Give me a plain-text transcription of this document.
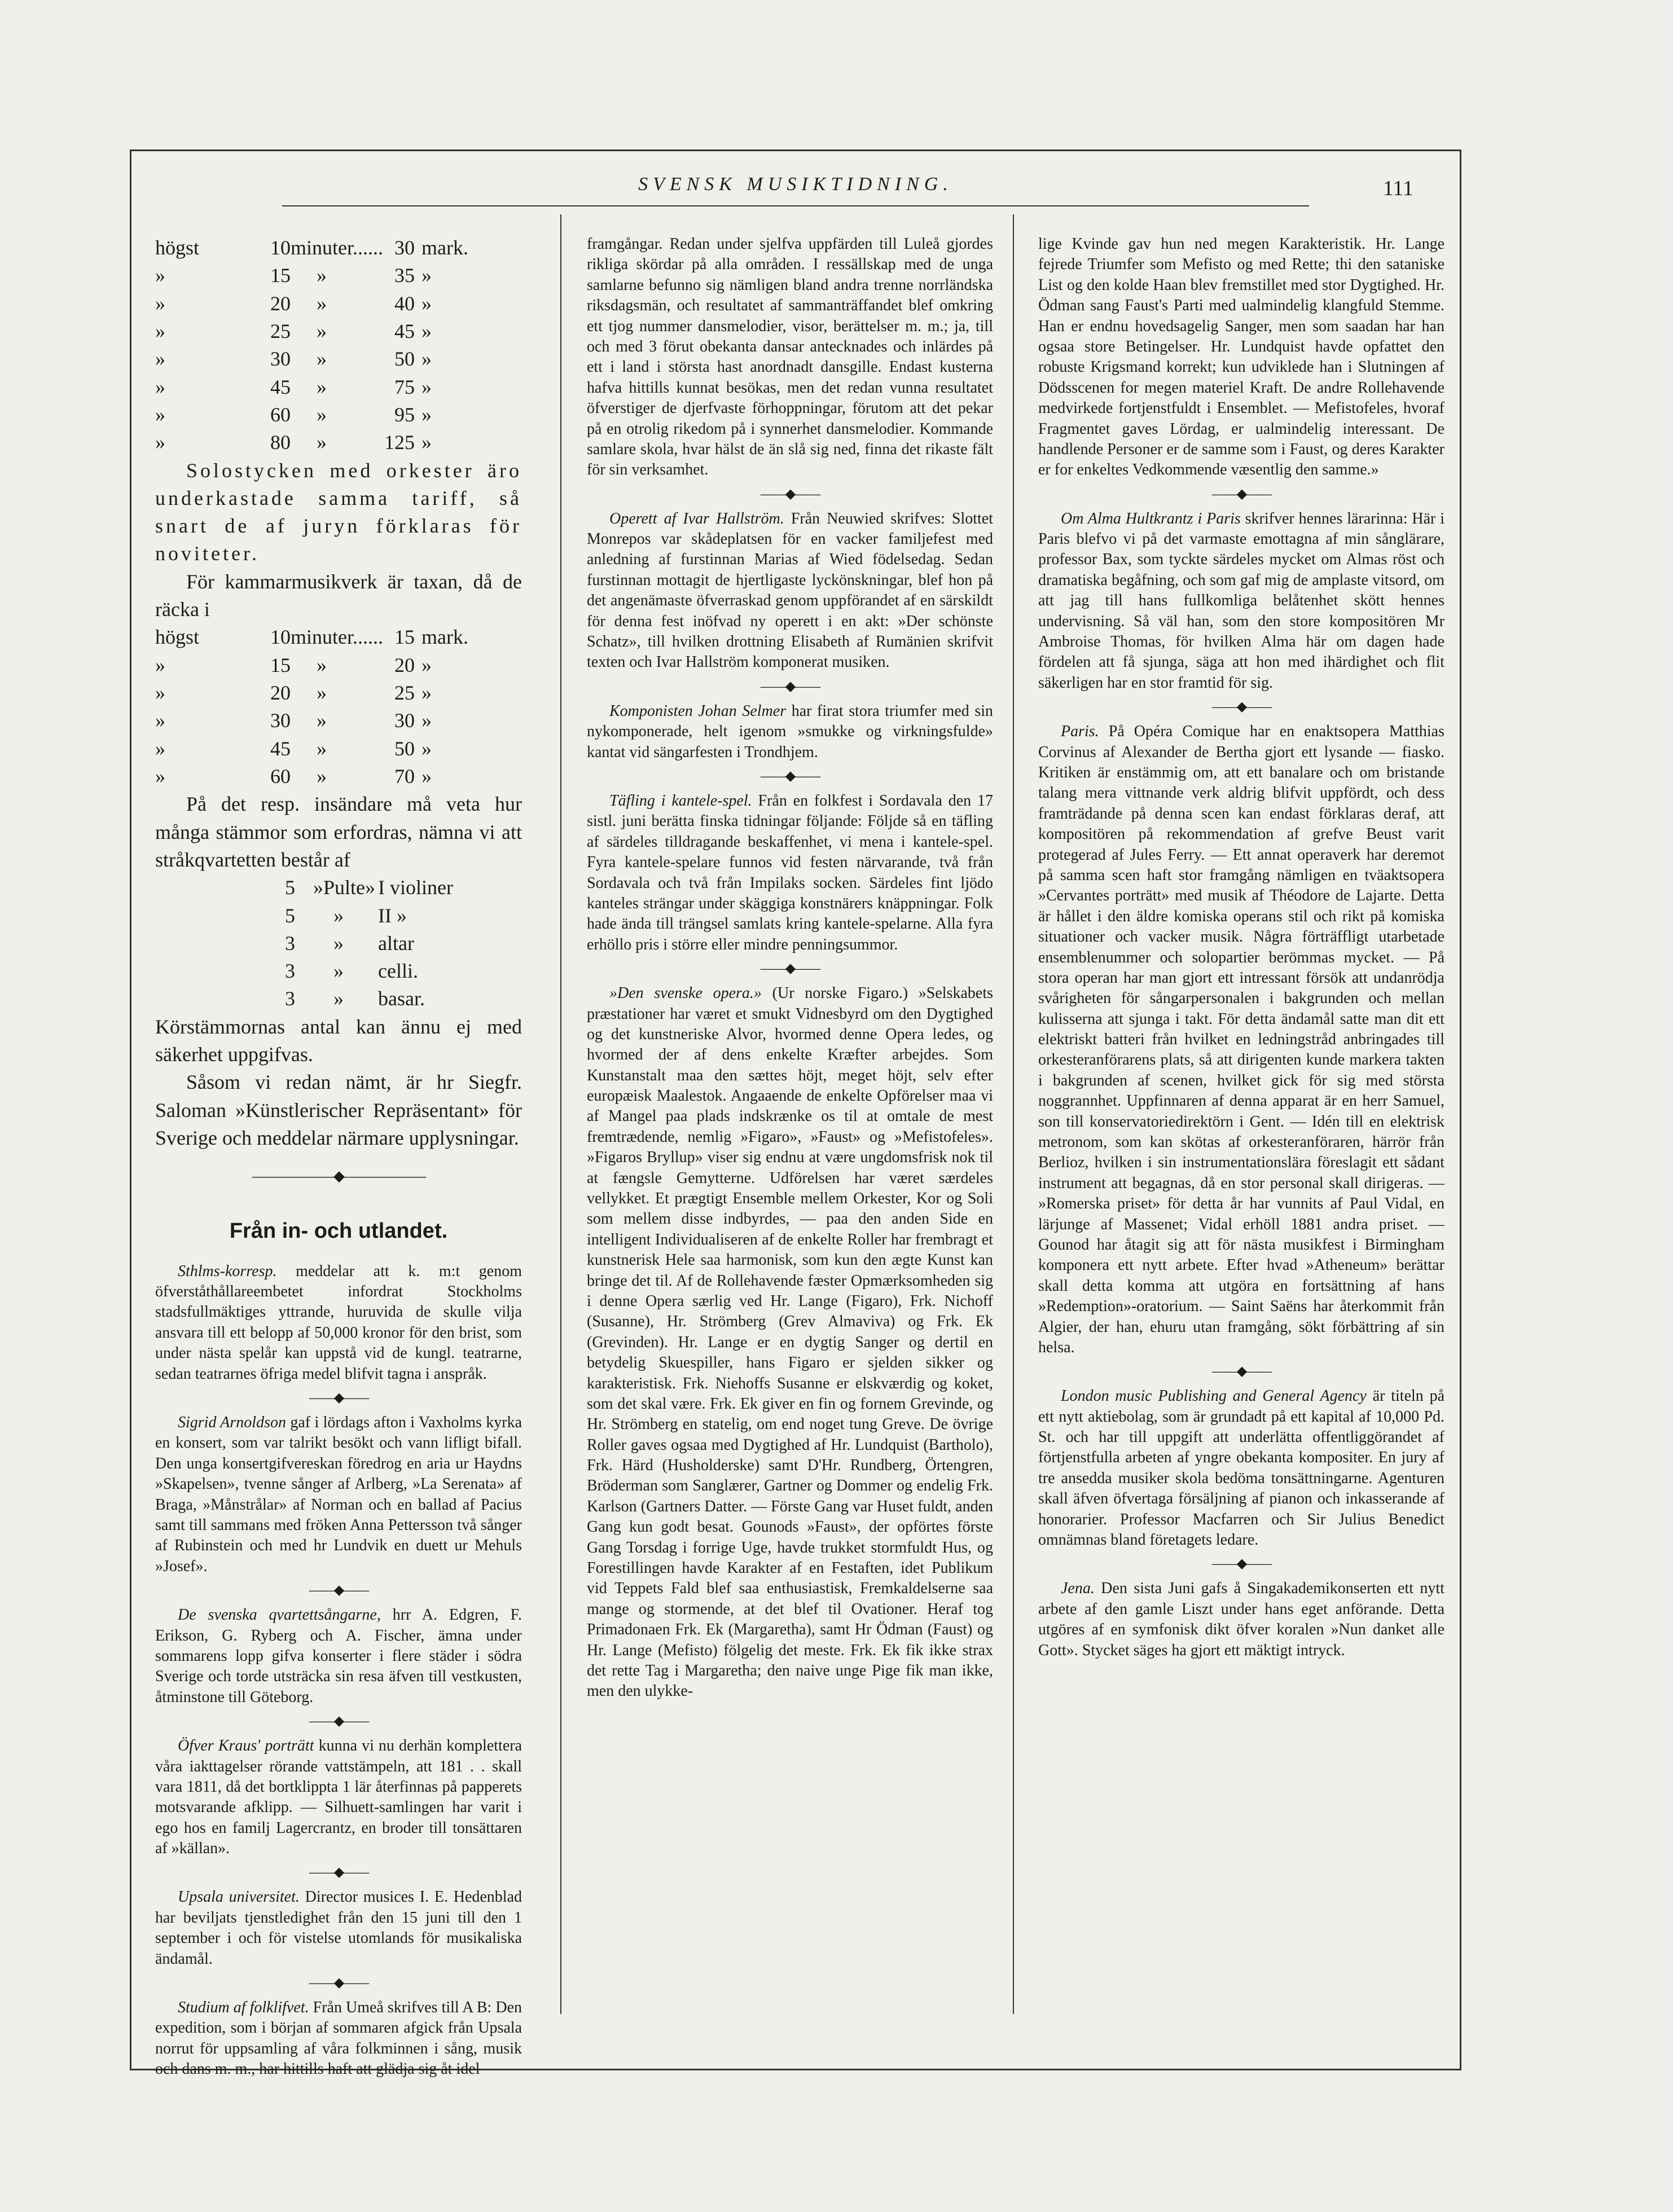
SVENSK MUSIKTIDNING.	111
högst	10 minuter...... 30 mark.
»	15	»	35 »
»	20	»	40 »
»	25	»	45 »
»	30	»	50 »
»	45	»	75 »
»	60	»	95 »
»	80	»	125 »

Solostycken med orkester äro underkastade samma tariff, så snart de af juryn förklaras för noviteter.

För kammarmusikverk är taxan, då de räcka i

högst	10 minuter...... 15 mark.
»	15	»	20 »
»	20	»	25 »
»	30	»	30 »
»	45	»	50 »
»	60	»	70 »

På det resp. insändare må veta hur många stämmor som erfordras, nämna vi att stråkqvartetten består af

5 »Pulte» I violiner
5	»	II »
3	»	altar
3	»	celli.
3	»	basar.

Körstämmornas antal kan ännu ej med säkerhet uppgifvas.

Såsom vi redan nämt, är hr Siegfr. Saloman »Künstlerischer Repräsentant» för Sverige och meddelar närmare upplysningar.

——————◆——————
Från in- och utlandet.

Sthlms-korresp. meddelar att k. m:t genom öfverståthållareembetet infordrat Stockholms stadsfullmäktiges yttrande, huruvida de skulle vilja ansvara till ett belopp af 50,000 kronor för den brist, som under nästa spelår kan uppstå vid de kungl. teatrarne, sedan teatrarnes öfriga medel blifvit tagna i anspråk.

——◆——

Sigrid Arnoldson gaf i lördags afton i Vaxholms kyrka en konsert, som var talrikt besökt och vann lifligt bifall. Den unga konsertgifvereskan föredrog en aria ur Haydns »Skapelsen», tvenne sånger af Arlberg, »La Serenata» af Braga, »Månstrålar» af Norman och en ballad af Pacius samt till sammans med fröken Anna Pettersson två sånger af Rubinstein och med hr Lundvik en duett ur Mehuls »Josef».

——◆——

De svenska qvartettsångarne, hrr A. Edgren, F. Erikson, G. Ryberg och A. Fischer, ämna under sommarens lopp gifva konserter i flere städer i södra Sverige och torde utsträcka sin resa äfven till vestkusten, åtminstone till Göteborg.

——◆——

Öfver Kraus' porträtt kunna vi nu derhän komplettera våra iakttagelser rörande vattstämpeln, att 181 . . skall vara 1811, då det bortklippta 1 lär återfinnas på papperets motsvarande afklipp. — Silhuett-samlingen har varit i ego hos en familj Lagercrantz, en broder till tonsättaren af »källan».

——◆——

Upsala universitet. Director musices I. E. Hedenblad har beviljats tjenstledighet från den 15 juni till den 1 september i och för vistelse utomlands för musikaliska ändamål.

——◆——

Studium af folklifvet. Från Umeå skrifves till A B: Den expedition, som i början af sommaren afgick från Upsala norrut för uppsamling af våra folkminnen i sång, musik och dans m. m., har hittills haft att glädja sig åt idel

framgångar. Redan under sjelfva uppfärden till Luleå gjordes rikliga skördar på alla områden. I ressällskap med de unga samlarne befunno sig nämligen bland andra trenne norrländska riksdagsmän, och resultatet af sammanträffandet blef omkring ett tjog nummer dansmelodier, visor, berättelser m. m.; ja, till och med 3 förut obekanta dansar antecknades och inlärdes på ett i land i största hast anordnadt dansgille. Endast kusterna hafva hittills kunnat besökas, men det redan vunna resultatet öfverstiger de djerfvaste förhoppningar, förutom att det pekar på en otrolig rikedom på i synnerhet dansmelodier. Kommande samlare skola, hvar hälst de än slå sig ned, finna det rikaste fält för sin verksamhet.

——◆——

Operett af Ivar Hallström. Från Neuwied skrifves: Slottet Monrepos var skådeplatsen för en vacker familjefest med anledning af furstinnan Marias af Wied födelsedag. Sedan furstinnan mottagit de hjertligaste lyckönskningar, blef hon på det angenämaste öfverraskad genom uppförandet af en särskildt för denna fest inöfvad ny operett i en akt: »Der schönste Schatz», till hvilken drottning Elisabeth af Rumänien skrifvit texten och Ivar Hallström komponerat musiken.

——◆——

Komponisten Johan Selmer har firat stora triumfer med sin nykomponerade, helt igenom »smukke og virkningsfulde» kantat vid sängarfesten i Trondhjem.

——◆——

Täfling i kantele-spel. Från en folkfest i Sordavala den 17 sistl. juni berätta finska tidningar följande: Följde så en täfling af särdeles tilldragande beskaffenhet, vi mena i kantele-spel. Fyra kantele-spelare funnos vid festen närvarande, två från Sordavala och två från Impilaks socken. Särdeles fint ljödo kanteles strängar under skäggiga konstnärers knäppningar. Folk hade ända till trängsel samlats kring kantele-spelarne. Alla fyra erhöllo pris i större eller mindre penningsummor.

——◆——

»Den svenske opera.» (Ur norske Figaro.) »Selskabets præstationer har været et smukt Vidnesbyrd om den Dygtighed og det kunstneriske Alvor, hvormed denne Opera ledes, og hvormed der af dens enkelte Kræfter arbejdes. Som Kunstanstalt maa den sættes höjt, meget höjt, selv efter europæisk Maalestok. Angaaende de enkelte Opförelser maa vi af Mangel paa plads indskrænke os til at omtale de mest fremtrædende, nemlig »Figaro», »Faust» og »Mefistofeles». »Figaros Bryllup» viser sig endnu at være ungdomsfrisk nok til at fængsle Gemytterne. Udförelsen har været særdeles vellykket. Et prægtigt Ensemble mellem Orkester, Kor og Soli som mellem disse indbyrdes, — paa den anden Side en intelligent Individualiseren af de enkelte Roller har frembragt et kunstnerisk Hele saa harmonisk, som kun den ægte Kunst kan bringe det til. Af de Rollehavende fæster Opmærksomheden sig i denne Opera særlig ved Hr. Lange (Figaro), Frk. Nichoff (Susanne), Hr. Strömberg (Grev Almaviva) og Frk. Ek (Grevinden). Hr. Lange er en dygtig Sanger og dertil en betydelig Skuespiller, hans Figaro er sjelden sikker og karakteristisk. Frk. Niehoffs Susanne er elskværdig og koket, som det skal være. Frk. Ek giver en fin og fornem Grevinde, og Hr. Strömberg en statelig, om end noget tung Greve. De övrige Roller gaves ogsaa med Dygtighed af Hr. Lundquist (Bartholo), Frk. Härd (Husholderske) samt D'Hr. Rundberg, Örtengren, Bröderman som Sanglærer, Gartner og Dommer og endelig Frk. Karlson (Gartners Datter. — Förste Gang var Huset fuldt, anden Gang kun godt besat. Gounods »Faust», der opförtes förste Gang Torsdag i forrige Uge, havde trukket stormfuldt Hus, og Forestillingen havde Karakter af en Festaften, idet Publikum vid Teppets Fald blef saa enthusiastisk, Fremkaldelserne saa mange og stormende, at det blef til Ovationer. Heraf tog Primadonaen Frk. Ek (Margaretha), samt Hr Ödman (Faust) og Hr. Lange (Mefisto) fölgelig det meste. Frk. Ek fik ikke strax det rette Tag i Margaretha; den naive unge Pige fik man ikke, men den ulykke-

lige Kvinde gav hun ned megen Karakteristik. Hr. Lange fejrede Triumfer som Mefisto og med Rette; thi den sataniske List og den kolde Haan blev fremstillet med stor Dygtighed. Hr. Ödman sang Faust's Parti med ualmindelig klangfuld Stemme. Han er endnu hovedsagelig Sanger, men som saadan har han ogsaa store Betingelser. Hr. Lundquist havde opfattet den robuste Krigsmand korrekt; kun udviklede han i Slutningen af Dödsscenen for megen materiel Kraft. De andre Rollehavende medvirkede fortjenstfuldt i Ensemblet. — Mefistofeles, hvoraf Fragmentet gaves Lördag, er ualmindelig interessant. De handlende Personer er de samme som i Faust, og deres Karakter er for enkeltes Vedkommende væsentlig den samme.»

——◆——

Om Alma Hultkrantz i Paris skrifver hennes lärarinna: Här i Paris blefvo vi på det varmaste emottagna af min sånglärare, professor Bax, som tyckte särdeles mycket om Almas röst och dramatiska begåfning, och som gaf mig de amplaste vitsord, om att jag till hans fullkomliga belåtenhet skött hennes undervisning. Så väl han, som den store kompositören Mr Ambroise Thomas, för hvilken Alma här om dagen hade fördelen att få sjunga, säga att hon med ihärdighet och flit säkerligen har en stor framtid för sig.

——◆——

Paris. På Opéra Comique har en enaktsopera Matthias Corvinus af Alexander de Bertha gjort ett lysande — fiasko. Kritiken är enstämmig om, att ett banalare och om bristande talang mera vittnande verk aldrig blifvit uppfördt, och dess framträdande på denna scen kan endast förklaras deraf, att kompositören på rekommendation af grefve Beust varit protegerad af Jules Ferry. — Ett annat operaverk har deremot på samma scen haft stor framgång nämligen en tväaktsopera »Cervantes porträtt» med musik af Théodore de Lajarte. Detta är hållet i den äldre komiska operans stil och rikt på komiska situationer och vacker musik. Några förträffligt utarbetade ensemblenummer och solopartier berömmas mycket. — På stora operan har man gjort ett intressant försök att undanrödja svårigheten för sångarpersonalen i bakgrunden och mellan kulisserna att sjunga i takt. För detta ändamål satte man dit ett elektriskt batteri från hvilket en ledningstråd anbringades till orkesteranförarens plats, så att dirigenten kunde markera takten i bakgrunden af scenen, hvilket gick för sig med största noggrannhet. Uppfinnaren af denna apparat är en herr Samuel, son till konservatoriedirektörn i Gent. — Idén till en elektrisk metronom, som kan skötas af orkesteranföraren, härrör från Berlioz, hvilken i sin instrumentationslära föreslagit ett sådant instrument att begagnas, då en stor personal skall dirigeras. — »Romerska priset» för detta år har vunnits af Paul Vidal, en lärjunge af Massenet; Vidal erhöll 1881 andra priset. — Gounod har åtagit sig att för nästa musikfest i Birmingham komponera ett nytt arbete. Efter hvad »Atheneum» berättar skall detta komma att utgöra en fortsättning af hans »Redemption»-oratorium. — Saint Saëns har återkommit från Algier, der han, ehuru utan framgång, sökt förbättring af sin helsa.

——◆——

London music Publishing and General Agency är titeln på ett nytt aktiebolag, som är grundadt på ett kapital af 10,000 Pd. St. och har till uppgift att underlätta offentliggörandet af förtjenstfulla arbeten af yngre obekanta kompositer. En jury af tre ansedda musiker skola bedöma tonsättningarne. Agenturen skall äfven öfvertaga försäljning af pianon och inkasserande af honorarier. Professor Macfarren och Sir Julius Benedict omnämnas bland företagets ledare.

——◆——

Jena. Den sista Juni gafs å Singakademikonserten ett nytt arbete af den gamle Liszt under hans eget anförande. Detta utgöres af en symfonisk dikt öfver koralen »Nun danket alle Gott». Stycket säges ha gjort ett mäktigt intryck.
